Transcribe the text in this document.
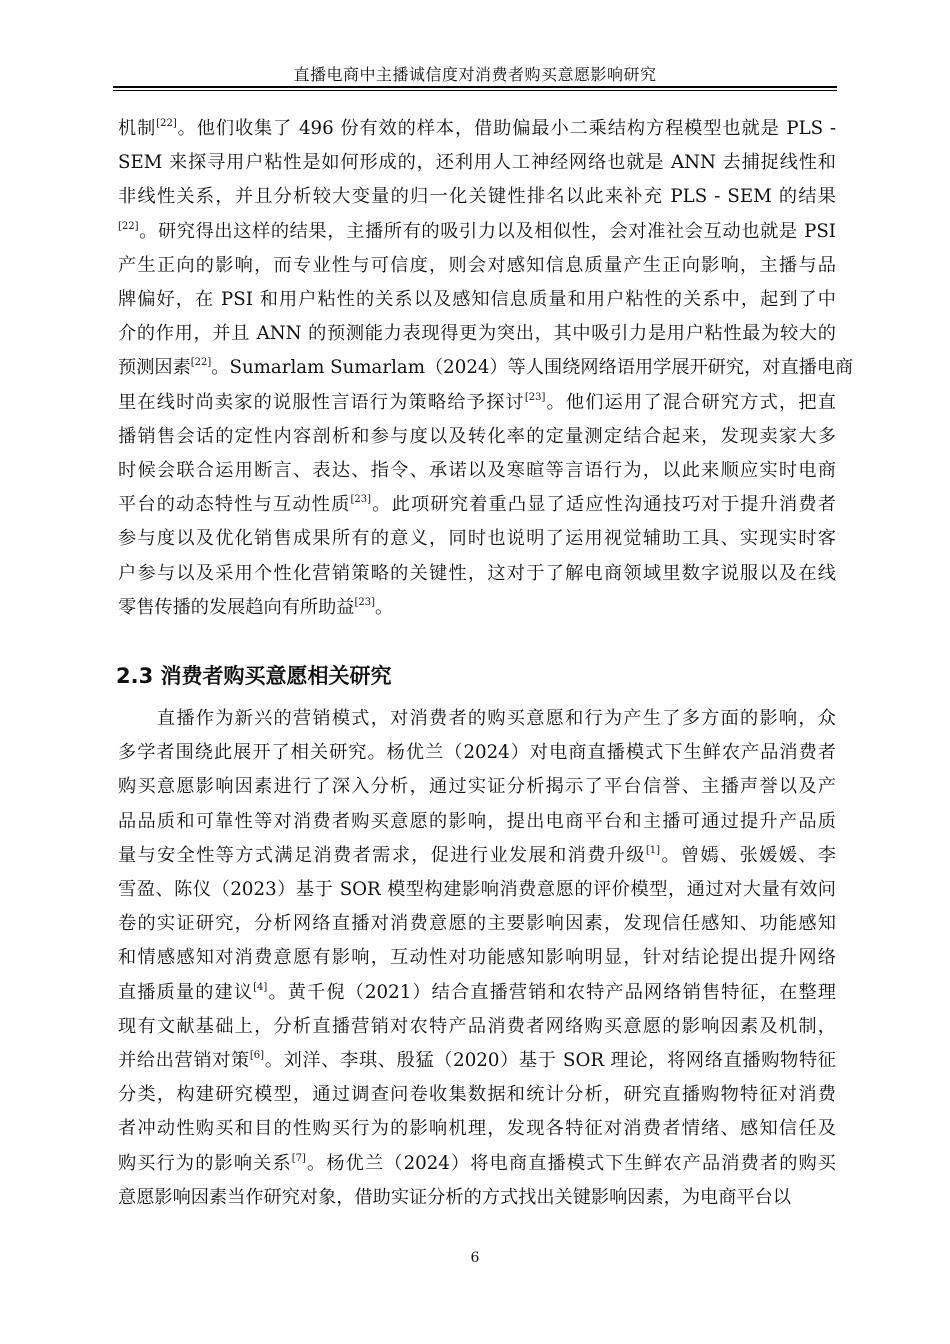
直播电商中主播诚信度对消费者购买意愿影响研究
机制[22]。他们收集了 496 份有效的样本，借助偏最小二乘结构方程模型也就是 PLS -
SEM 来探寻用户粘性是如何形成的，还利用人工神经网络也就是 ANN 去捕捉线性和
非线性关系，并且分析较大变量的归一化关键性排名以此来补充 PLS - SEM 的结果
[22]。研究得出这样的结果，主播所有的吸引力以及相似性，会对准社会互动也就是 PSI
产生正向的影响，而专业性与可信度，则会对感知信息质量产生正向影响，主播与品
牌偏好，在 PSI 和用户粘性的关系以及感知信息质量和用户粘性的关系中，起到了中
介的作用，并且 ANN 的预测能力表现得更为突出，其中吸引力是用户粘性最为较大的
预测因素[22]。Sumarlam Sumarlam（2024）等人围绕网络语用学展开研究，对直播电商
里在线时尚卖家的说服性言语行为策略给予探讨[23]。他们运用了混合研究方式，把直
播销售会话的定性内容剖析和参与度以及转化率的定量测定结合起来，发现卖家大多
时候会联合运用断言、表达、指令、承诺以及寒暄等言语行为，以此来顺应实时电商
平台的动态特性与互动性质[23]。此项研究着重凸显了适应性沟通技巧对于提升消费者
参与度以及优化销售成果所有的意义，同时也说明了运用视觉辅助工具、实现实时客
户参与以及采用个性化营销策略的关键性，这对于了解电商领域里数字说服以及在线
零售传播的发展趋向有所助益[23]。
2.3 消费者购买意愿相关研究
　　直播作为新兴的营销模式，对消费者的购买意愿和行为产生了多方面的影响，众
多学者围绕此展开了相关研究。杨优兰（2024）对电商直播模式下生鲜农产品消费者
购买意愿影响因素进行了深入分析，通过实证分析揭示了平台信誉、主播声誉以及产
品品质和可靠性等对消费者购买意愿的影响，提出电商平台和主播可通过提升产品质
量与安全性等方式满足消费者需求，促进行业发展和消费升级[1]。曾嫣、张媛媛、李
雪盈、陈仪（2023）基于 SOR 模型构建影响消费意愿的评价模型，通过对大量有效问
卷的实证研究，分析网络直播对消费意愿的主要影响因素，发现信任感知、功能感知
和情感感知对消费意愿有影响，互动性对功能感知影响明显，针对结论提出提升网络
直播质量的建议[4]。黄千倪（2021）结合直播营销和农特产品网络销售特征，在整理
现有文献基础上，分析直播营销对农特产品消费者网络购买意愿的影响因素及机制，
并给出营销对策[6]。刘洋、李琪、殷猛（2020）基于 SOR 理论，将网络直播购物特征
分类，构建研究模型，通过调查问卷收集数据和统计分析，研究直播购物特征对消费
者冲动性购买和目的性购买行为的影响机理，发现各特征对消费者情绪、感知信任及
购买行为的影响关系[7]。杨优兰（2024）将电商直播模式下生鲜农产品消费者的购买
意愿影响因素当作研究对象，借助实证分析的方式找出关键影响因素，为电商平台以
6
